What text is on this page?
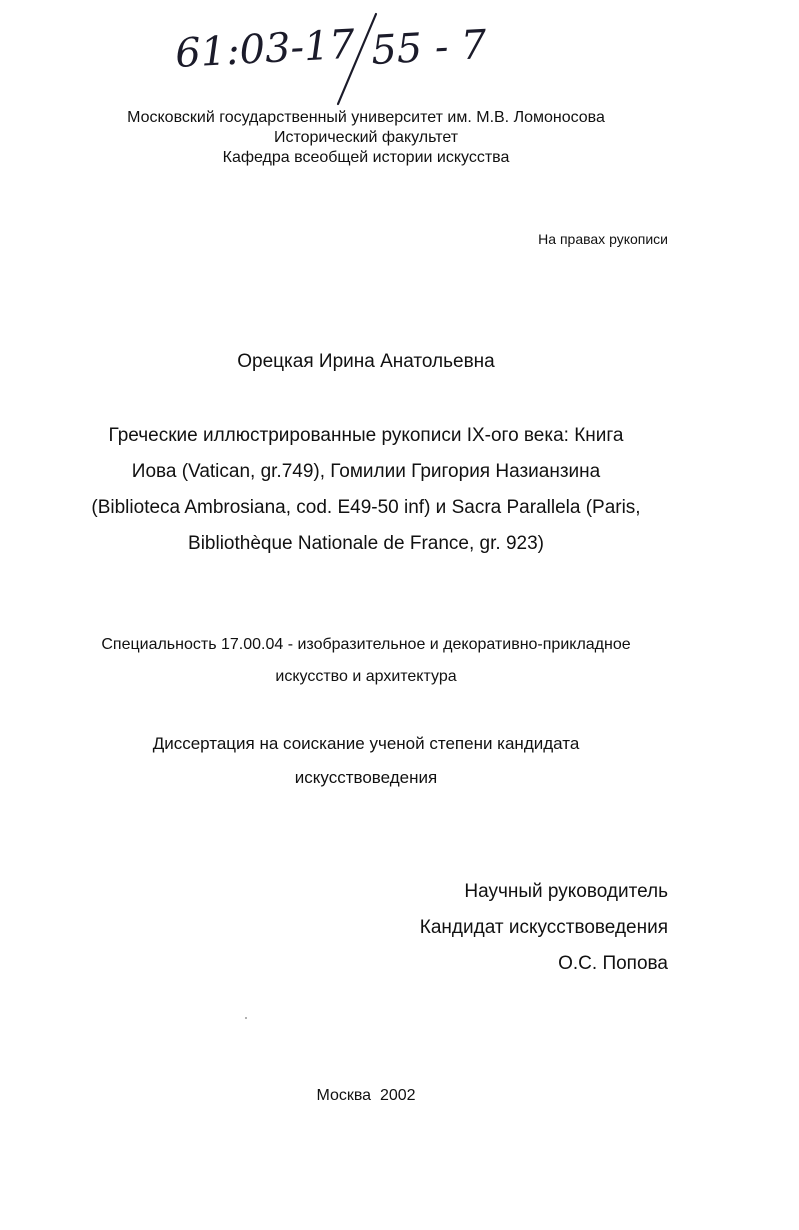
61:03-17 55 - 7
Московский государственный университет им. М.В. Ломоносова
Исторический факультет
Кафедра всеобщей истории искусства
На правах рукописи
Орецкая Ирина Анатольевна
Греческие иллюстрированные рукописи IX-ого века: Книга
Иова (Vatican, gr.749), Гомилии Григория Назианзина
(Biblioteca Ambrosiana, cod. E49-50 inf) и Sacra Parallela (Paris,
Bibliothèque Nationale de France, gr. 923)
Специальность 17.00.04 - изобразительное и декоративно-прикладное
искусство и архитектура
Диссертация на соискание ученой степени кандидата
искусствоведения
Научный руководитель
Кандидат искусствоведения
О.С. Попова
Москва  2002
